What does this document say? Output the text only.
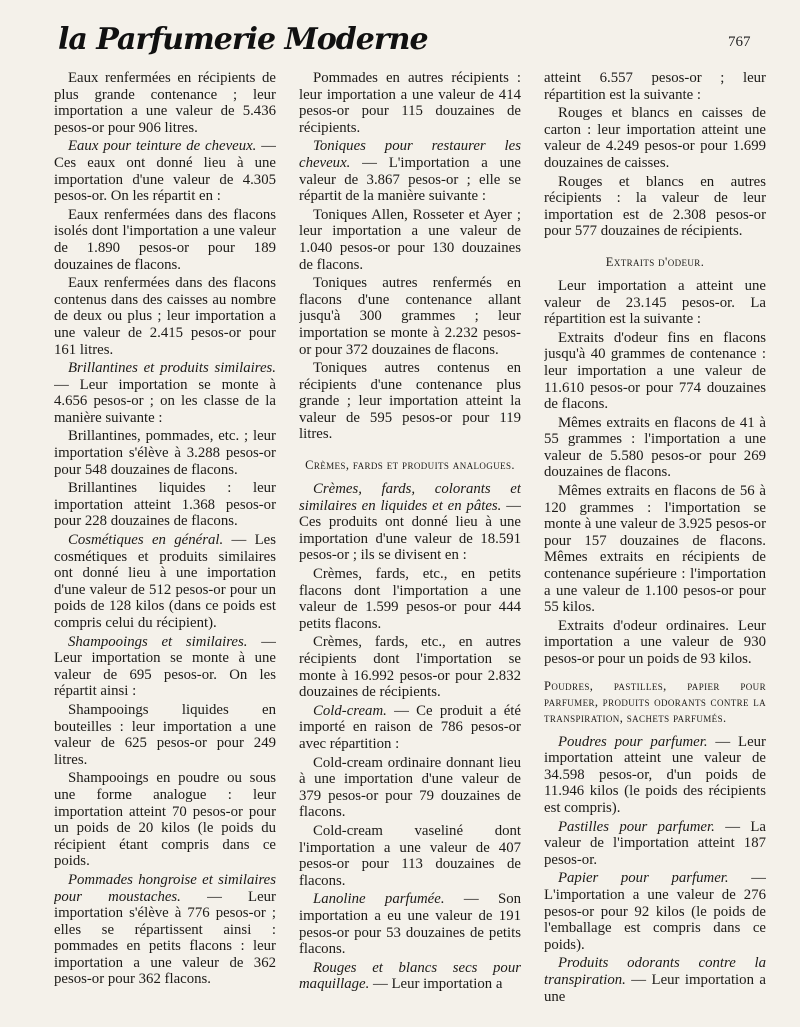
la Parfumerie Moderne	767

Eaux renfermées en récipients de plus grande contenance ; leur importation a une valeur de 5.436 pesos-or pour 906 litres.

Eaux pour teinture de cheveux. — Ces eaux ont donné lieu à une importation d'une valeur de 4.305 pesos-or. On les répartit en :

Eaux renfermées dans des flacons isolés dont l'importation a une valeur de 1.890 pesos-or pour 189 douzaines de flacons.

Eaux renfermées dans des flacons contenus dans des caisses au nombre de deux ou plus ; leur importation a une valeur de 2.415 pesos-or pour 161 litres.

Brillantines et produits similaires. — Leur importation se monte à 4.656 pesos-or ; on les classe de la manière suivante :

Brillantines, pommades, etc. ; leur importation s'élève à 3.288 pesos-or pour 548 douzaines de flacons.

Brillantines liquides : leur importation atteint 1.368 pesos-or pour 228 douzaines de flacons.

Cosmétiques en général. — Les cosmétiques et produits similaires ont donné lieu à une importation d'une valeur de 512 pesos-or pour un poids de 128 kilos (dans ce poids est compris celui du récipient).

Shampooings et similaires. — Leur importation se monte à une valeur de 695 pesos-or. On les répartit ainsi :

Shampooings liquides en bouteilles : leur importation a une valeur de 625 pesos-or pour 249 litres.

Shampooings en poudre ou sous une forme analogue : leur importation atteint 70 pesos-or pour un poids de 20 kilos (le poids du récipient étant compris dans ce poids.

Pommades hongroise et similaires pour moustaches. — Leur importation s'élève à 776 pesos-or ; elles se répartissent ainsi : pommades en petits flacons : leur importation a une valeur de 362 pesos-or pour 362 flacons.

Pommades en autres récipients : leur importation a une valeur de 414 pesos-or pour 115 douzaines de récipients.

Toniques pour restaurer les cheveux. — L'importation a une valeur de 3.867 pesos-or ; elle se répartit de la manière suivante :

Toniques Allen, Rosseter et Ayer ; leur importation a une valeur de 1.040 pesos-or pour 130 douzaines de flacons.

Toniques autres renfermés en flacons d'une contenance allant jusqu'à 300 grammes ; leur importation se monte à 2.232 pesos-or pour 372 douzaines de flacons.

Toniques autres contenus en récipients d'une contenance plus grande ; leur importation atteint la valeur de 595 pesos-or pour 119 litres.

Crèmes, fards et produits analogues.

Crèmes, fards, colorants et similaires en liquides et en pâtes. — Ces produits ont donné lieu à une importation d'une valeur de 18.591 pesos-or ; ils se divisent en :

Crèmes, fards, etc., en petits flacons dont l'importation a une valeur de 1.599 pesos-or pour 444 petits flacons.

Crèmes, fards, etc., en autres récipients dont l'importation se monte à 16.992 pesos-or pour 2.832 douzaines de récipients.

Cold-cream. — Ce produit a été importé en raison de 786 pesos-or avec répartition :

Cold-cream ordinaire donnant lieu à une importation d'une valeur de 379 pesos-or pour 79 douzaines de flacons.

Cold-cream vaseliné dont l'importation a une valeur de 407 pesos-or pour 113 douzaines de flacons.

Lanoline parfumée. — Son importation a eu une valeur de 191 pesos-or pour 53 douzaines de petits flacons.

Rouges et blancs secs pour maquillage. — Leur importation a

atteint 6.557 pesos-or ; leur répartition est la suivante :

Rouges et blancs en caisses de carton : leur importation atteint une valeur de 4.249 pesos-or pour 1.699 douzaines de caisses.

Rouges et blancs en autres récipients : la valeur de leur importation est de 2.308 pesos-or pour 577 douzaines de récipients.

Extraits d'odeur.

Leur importation a atteint une valeur de 23.145 pesos-or. La répartition est la suivante :

Extraits d'odeur fins en flacons jusqu'à 40 grammes de contenance : leur importation a une valeur de 11.610 pesos-or pour 774 douzaines de flacons.

Mêmes extraits en flacons de 41 à 55 grammes : l'importation a une valeur de 5.580 pesos-or pour 269 douzaines de flacons.

Mêmes extraits en flacons de 56 à 120 grammes : l'importation se monte à une valeur de 3.925 pesos-or pour 157 douzaines de flacons. Mêmes extraits en récipients de contenance supérieure : l'importation a une valeur de 1.100 pesos-or pour 55 kilos.

Extraits d'odeur ordinaires. Leur importation a une valeur de 930 pesos-or pour un poids de 93 kilos.

Poudres, pastilles, papier pour parfumer, produits odorants contre la transpiration, sachets parfumés.

Poudres pour parfumer. — Leur importation atteint une valeur de 34.598 pesos-or, d'un poids de 11.946 kilos (le poids des récipients est compris).

Pastilles pour parfumer. — La valeur de l'importation atteint 187 pesos-or.

Papier pour parfumer. — L'importation a une valeur de 276 pesos-or pour 92 kilos (le poids de l'emballage est compris dans ce poids).

Produits odorants contre la transpiration. — Leur importation a une
